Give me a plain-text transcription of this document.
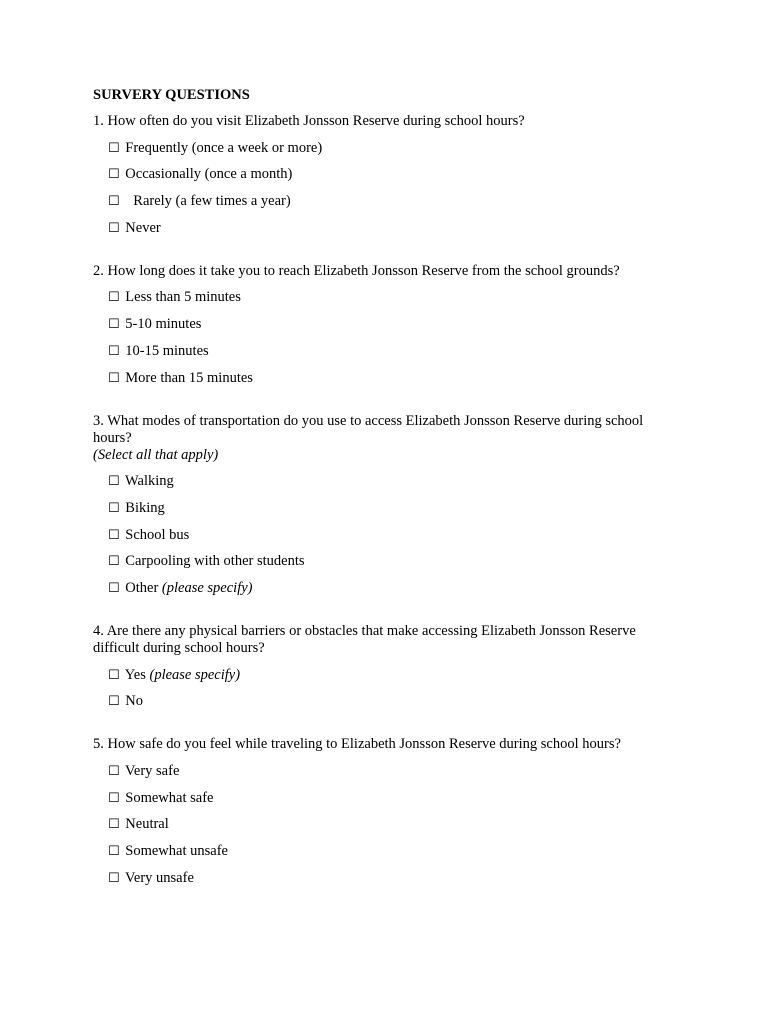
SURVERY QUESTIONS

1. How often do you visit Elizabeth Jonsson Reserve during school hours?

☐ Frequently (once a week or more)
☐ Occasionally (once a month)
☐ Rarely (a few times a year)
☐ Never

2. How long does it take you to reach Elizabeth Jonsson Reserve from the school grounds?

☐ Less than 5 minutes
☐ 5-10 minutes
☐ 10-15 minutes
☐ More than 15 minutes

3. What modes of transportation do you use to access Elizabeth Jonsson Reserve during school hours?
(Select all that apply)

☐ Walking
☐ Biking
☐ School bus
☐ Carpooling with other students
☐ Other (please specify)

4. Are there any physical barriers or obstacles that make accessing Elizabeth Jonsson Reserve difficult during school hours?

☐ Yes (please specify)
☐ No

5. How safe do you feel while traveling to Elizabeth Jonsson Reserve during school hours?

☐ Very safe
☐ Somewhat safe
☐ Neutral
☐ Somewhat unsafe
☐ Very unsafe
